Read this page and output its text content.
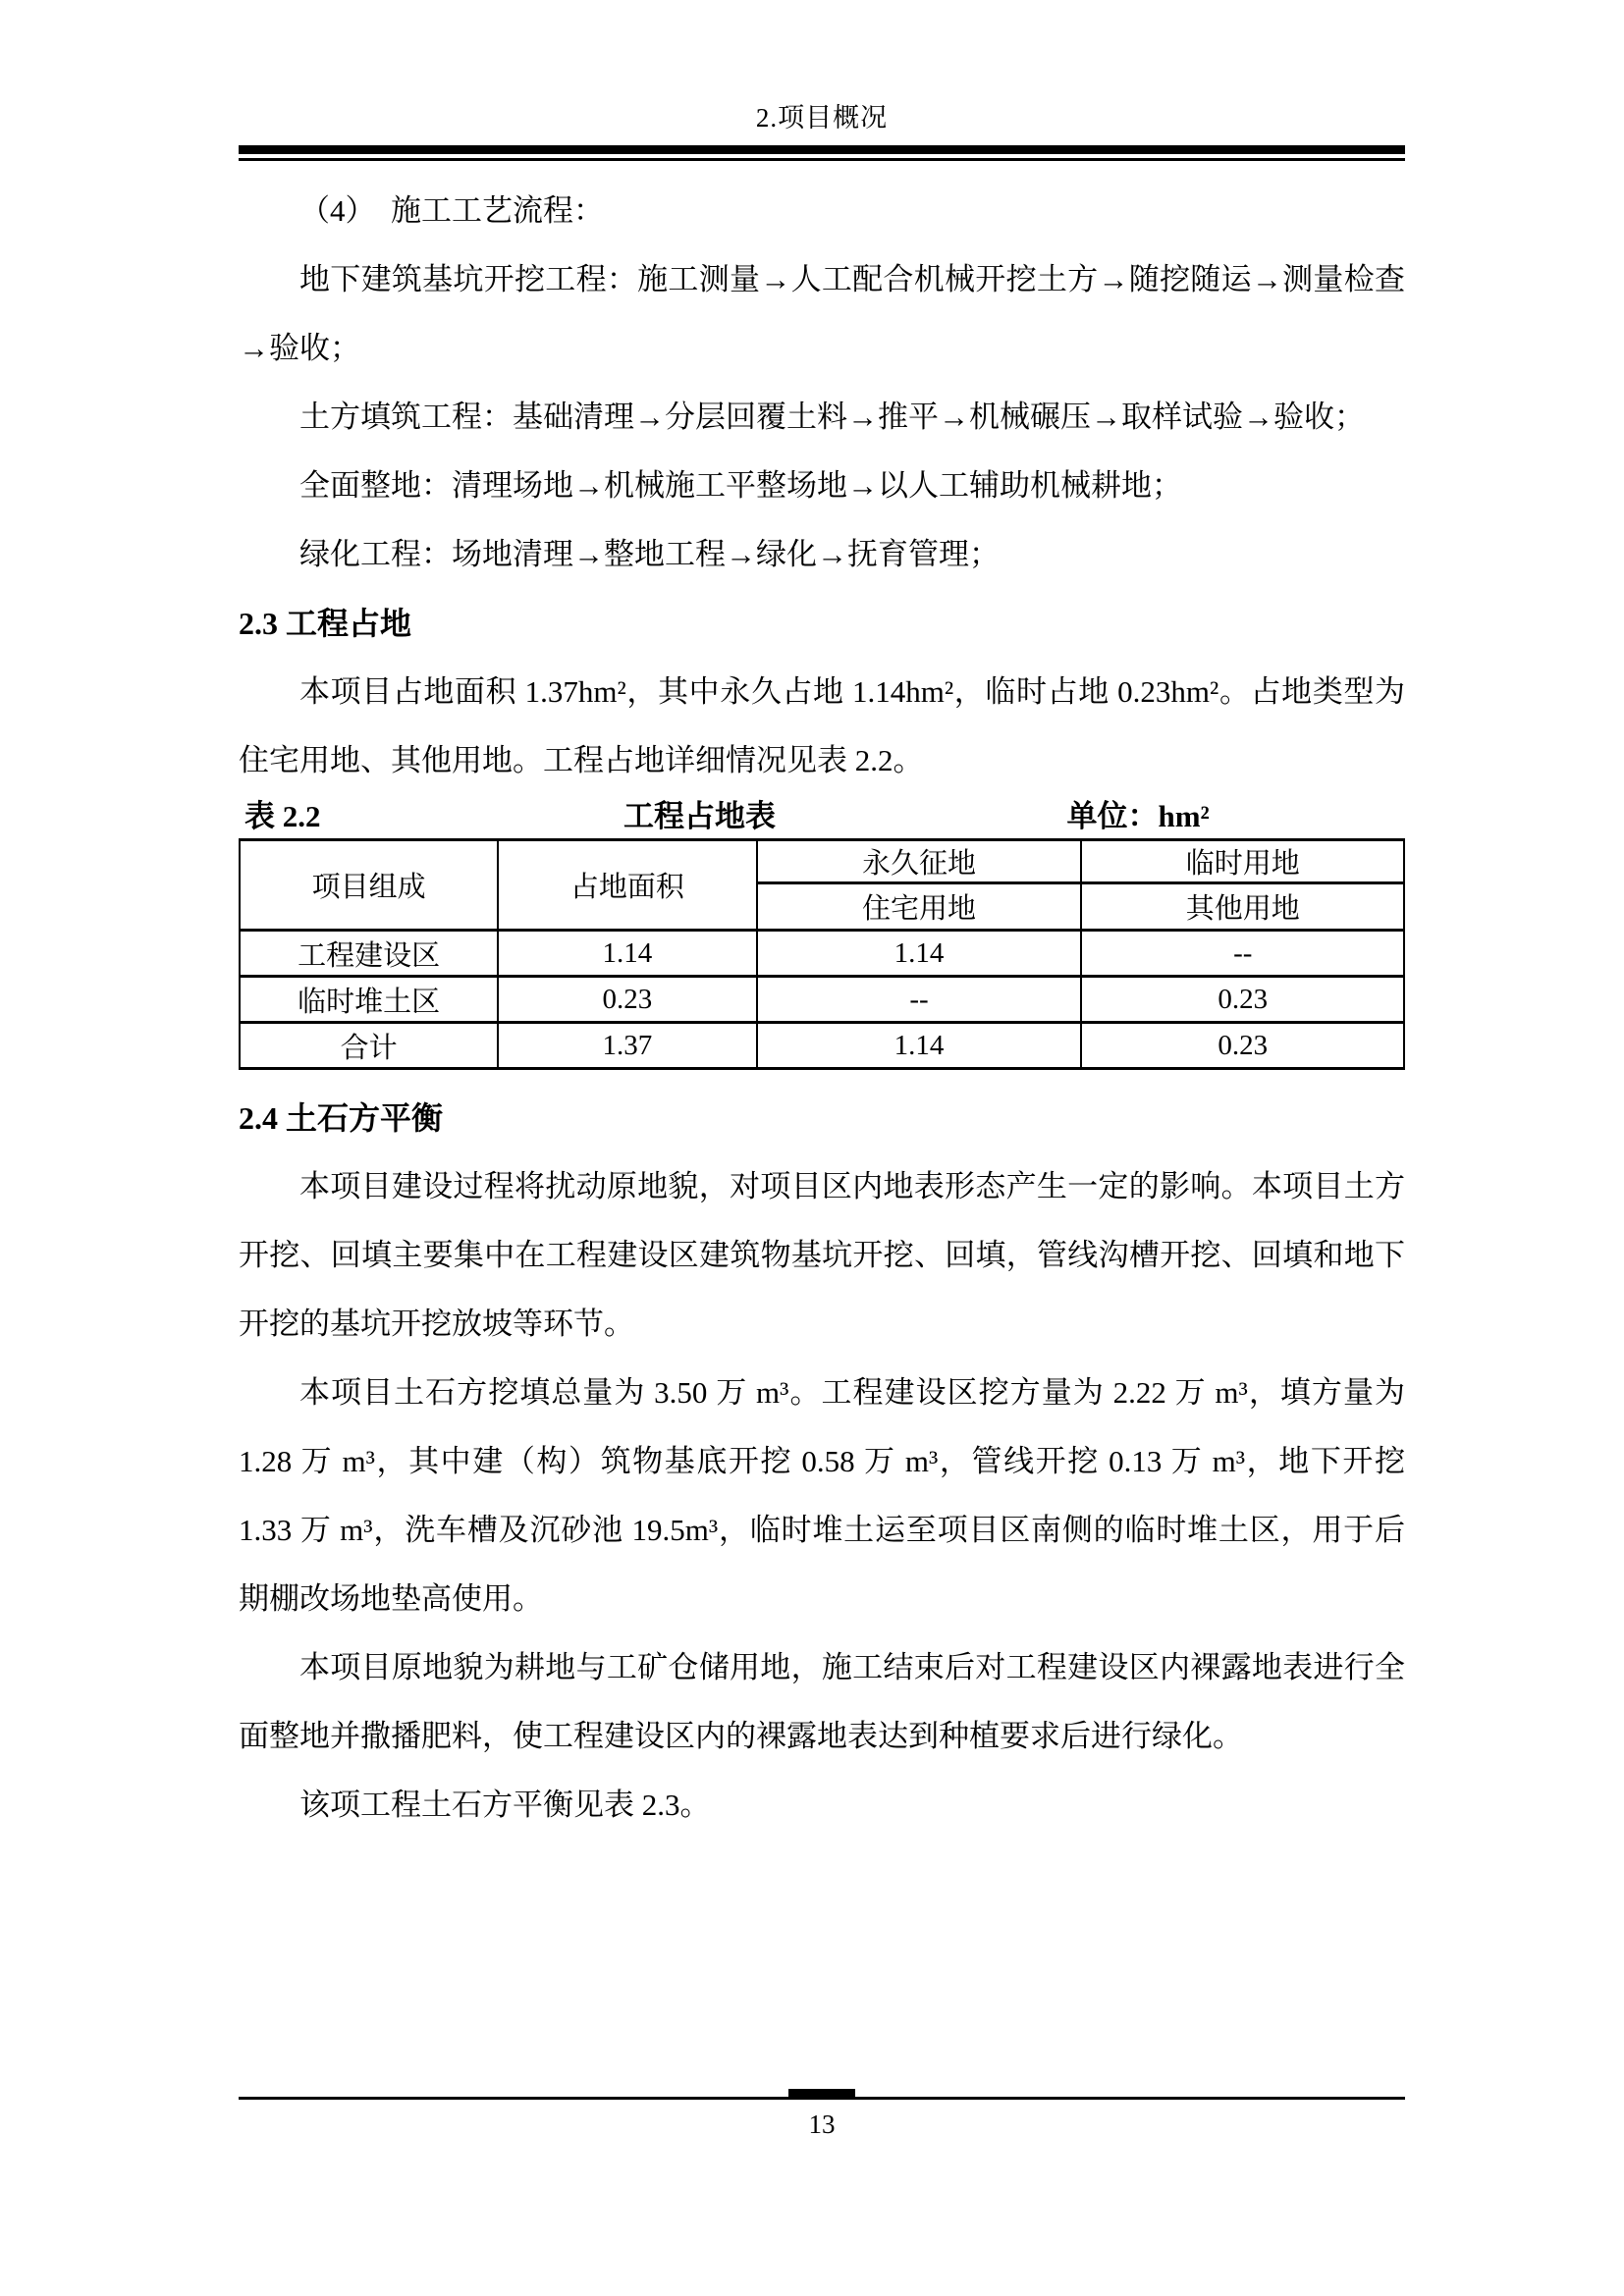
2.项目概况

（4）　施工工艺流程：

地下建筑基坑开挖工程：施工测量→人工配合机械开挖土方→随挖随运→测量检查→验收；

土方填筑工程：基础清理→分层回覆土料→推平→机械碾压→取样试验→验收；

全面整地：清理场地→机械施工平整场地→以人工辅助机械耕地；

绿化工程：场地清理→整地工程→绿化→抚育管理；

2.3 工程占地

本项目占地面积 1.37hm²，其中永久占地 1.14hm²，临时占地 0.23hm²。占地类型为住宅用地、其他用地。工程占地详细情况见表 2.2。

表 2.2	工程占地表	单位：hm²
项目组成	占地面积	永久征地	临时用地
		住宅用地	其他用地
工程建设区	1.14	1.14	--
临时堆土区	0.23	--	0.23
合计	1.37	1.14	0.23
2.4 土石方平衡

本项目建设过程将扰动原地貌，对项目区内地表形态产生一定的影响。本项目土方开挖、回填主要集中在工程建设区建筑物基坑开挖、回填，管线沟槽开挖、回填和地下开挖的基坑开挖放坡等环节。

本项目土石方挖填总量为 3.50 万 m³。工程建设区挖方量为 2.22 万 m³，填方量为 1.28 万 m³，其中建（构）筑物基底开挖 0.58 万 m³，管线开挖 0.13 万 m³，地下开挖 1.33 万 m³，洗车槽及沉砂池 19.5m³，临时堆土运至项目区南侧的临时堆土区，用于后期棚改场地垫高使用。

本项目原地貌为耕地与工矿仓储用地，施工结束后对工程建设区内裸露地表进行全面整地并撒播肥料，使工程建设区内的裸露地表达到种植要求后进行绿化。

该项工程土石方平衡见表 2.3。

13
